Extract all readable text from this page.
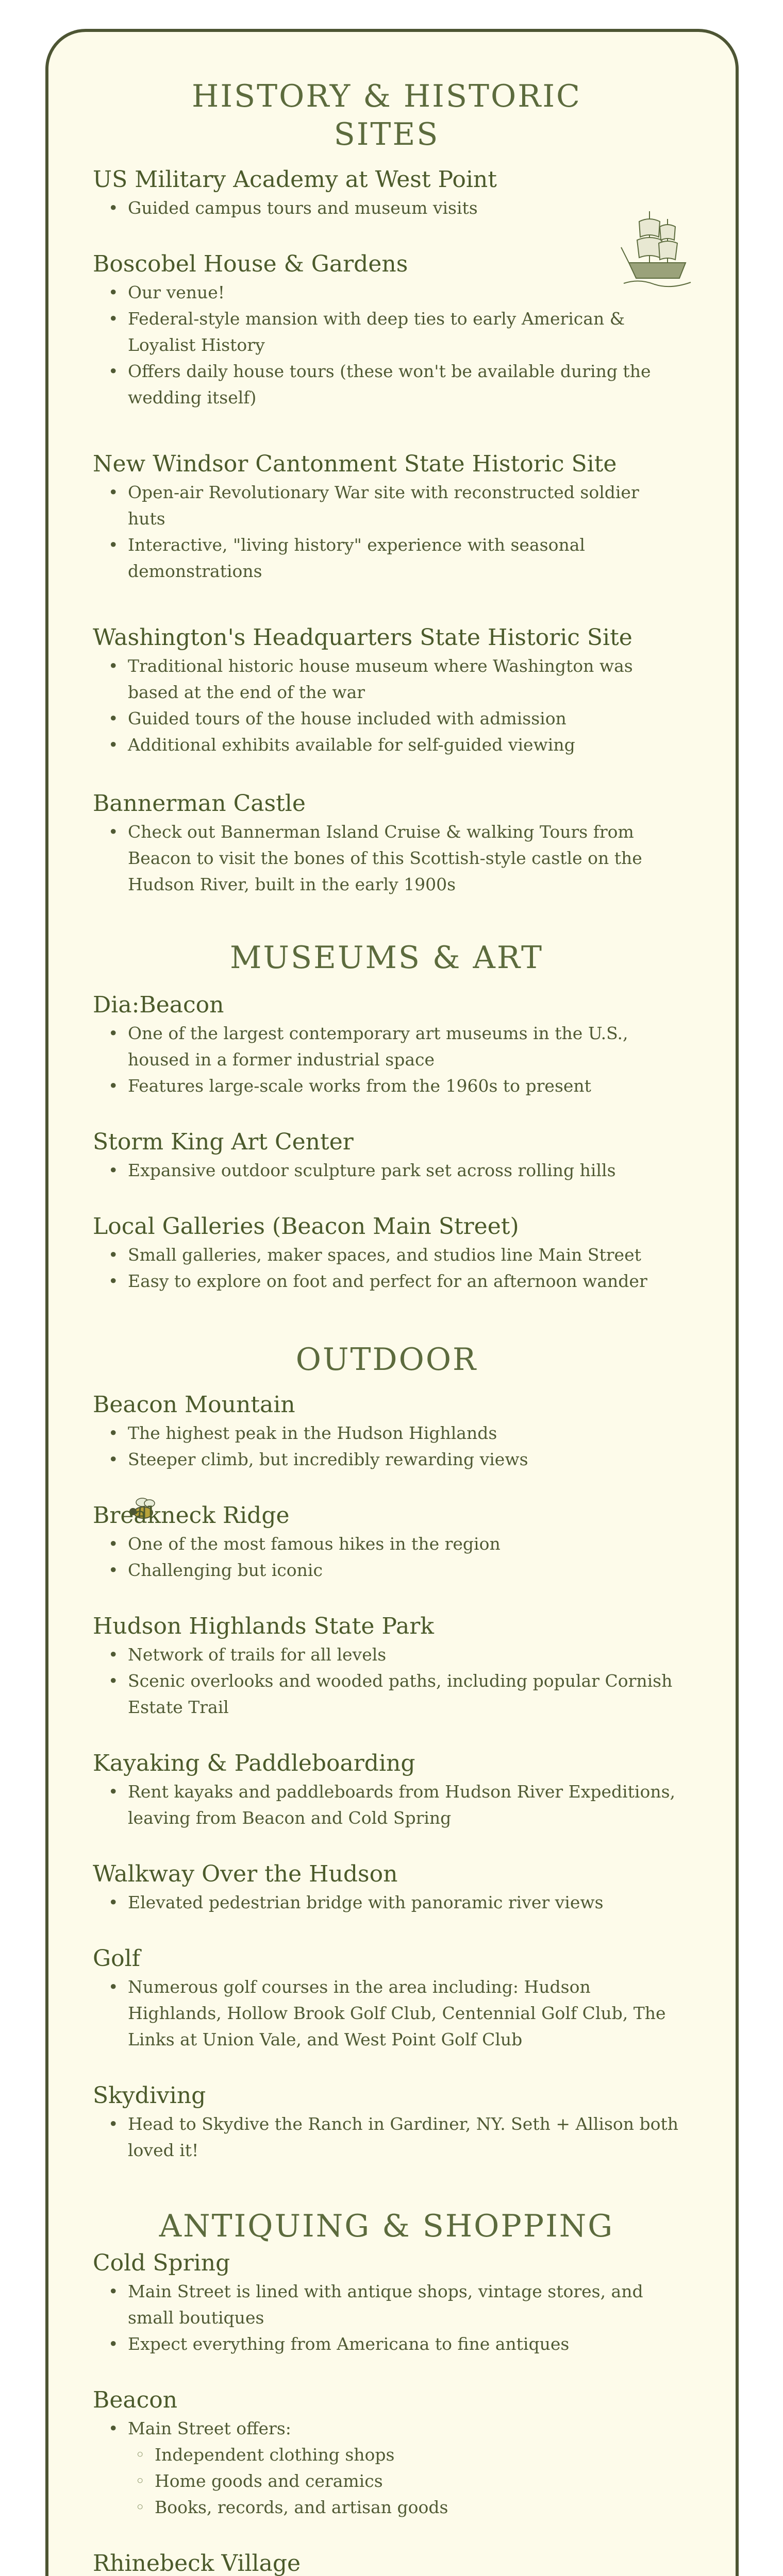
HISTORY & HISTORIC
SITES
US Military Academy at West Point
• Guided campus tours and museum visits
Boscobel House & Gardens
• Our venue!
• Federal-style mansion with deep ties to early American & Loyalist History
• Offers daily house tours (these won't be available during the wedding itself)
New Windsor Cantonment State Historic Site
• Open-air Revolutionary War site with reconstructed soldier huts
• Interactive, "living history" experience with seasonal demonstrations
Washington's Headquarters State Historic Site
• Traditional historic house museum where Washington was based at the end of the war
• Guided tours of the house included with admission
• Additional exhibits available for self-guided viewing
Bannerman Castle
• Check out Bannerman Island Cruise & walking Tours from Beacon to visit the bones of this Scottish-style castle on the Hudson River, built in the early 1900s
MUSEUMS & ART
Dia:Beacon
• One of the largest contemporary art museums in the U.S., housed in a former industrial space
• Features large-scale works from the 1960s to present
Storm King Art Center
• Expansive outdoor sculpture park set across rolling hills
Local Galleries (Beacon Main Street)
• Small galleries, maker spaces, and studios line Main Street
• Easy to explore on foot and perfect for an afternoon wander
OUTDOOR
Beacon Mountain
• The highest peak in the Hudson Highlands
• Steeper climb, but incredibly rewarding views
Breakneck Ridge
• One of the most famous hikes in the region
• Challenging but iconic
Hudson Highlands State Park
• Network of trails for all levels
• Scenic overlooks and wooded paths, including popular Cornish Estate Trail
Kayaking & Paddleboarding
• Rent kayaks and paddleboards from Hudson River Expeditions, leaving from Beacon and Cold Spring
Walkway Over the Hudson
• Elevated pedestrian bridge with panoramic river views
Golf
• Numerous golf courses in the area including: Hudson Highlands, Hollow Brook Golf Club, Centennial Golf Club, The Links at Union Vale, and West Point Golf Club
Skydiving
• Head to Skydive the Ranch in Gardiner, NY. Seth + Allison both loved it!
ANTIQUING & SHOPPING
Cold Spring
• Main Street is lined with antique shops, vintage stores, and small boutiques
• Expect everything from Americana to fine antiques
Beacon
• Main Street offers:
◦ Independent clothing shops
◦ Home goods and ceramics
◦ Books, records, and artisan goods
Rhinebeck Village
